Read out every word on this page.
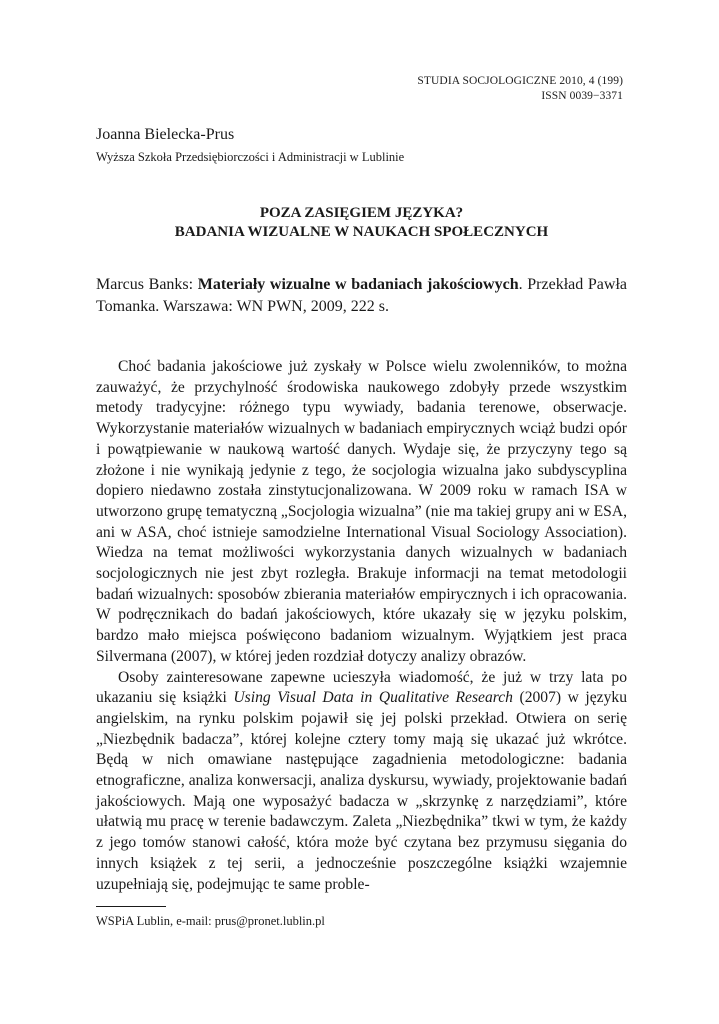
STUDIA SOCJOLOGICZNE 2010, 4 (199)
ISSN 0039−3371
Joanna Bielecka-Prus
Wyższa Szkoła Przedsiębiorczości i Administracji w Lublinie
POZA ZASIĘGIEM JĘZYKA?
BADANIA WIZUALNE W NAUKACH SPOŁECZNYCH
Marcus Banks: Materiały wizualne w badaniach jakościowych. Przekład Pawła Tomanka. Warszawa: WN PWN, 2009, 222 s.

Choć badania jakościowe już zyskały w Polsce wielu zwolenników, to można zauważyć, że przychylność środowiska naukowego zdobyły przede wszystkim metody tradycyjne: różnego typu wywiady, badania terenowe, obserwacje. Wykorzystanie materiałów wizualnych w badaniach empirycznych wciąż budzi opór i powątpiewanie w naukową wartość danych. Wydaje się, że przyczyny tego są złożone i nie wynikają jedynie z tego, że socjologia wizualna jako subdyscyplina dopiero niedawno została zinstytucjonalizowana. W 2009 roku w ramach ISA w utworzono grupę tematyczną „Socjologia wizualna” (nie ma takiej grupy ani w ESA, ani w ASA, choć istnieje samodzielne International Visual Sociology Association). Wiedza na temat możliwości wykorzystania danych wizualnych w badaniach socjologicznych nie jest zbyt rozległa. Brakuje informacji na temat metodologii badań wizualnych: sposobów zbierania materiałów empirycznych i ich opracowania. W podręcznikach do badań jakościowych, które ukazały się w języku polskim, bardzo mało miejsca poświęcono badaniom wizualnym. Wyjątkiem jest praca Silvermana (2007), w której jeden rozdział dotyczy analizy obrazów.

Osoby zainteresowane zapewne ucieszyła wiadomość, że już w trzy lata po ukazaniu się książki Using Visual Data in Qualitative Research (2007) w języku angielskim, na rynku polskim pojawił się jej polski przekład. Otwiera on serię „Niezbędnik badacza”, której kolejne cztery tomy mają się ukazać już wkrótce. Będą w nich omawiane następujące zagadnienia metodologiczne: badania etnograficzne, analiza konwersacji, analiza dyskursu, wywiady, projektowanie badań jakościowych. Mają one wyposażyć badacza w „skrzynkę z narzędziami”, które ułatwią mu pracę w terenie badawczym. Zaleta „Niezbędnika” tkwi w tym, że każdy z jego tomów stanowi całość, która może być czytana bez przymusu sięgania do innych książek z tej serii, a jednocześnie poszczególne książki wzajemnie uzupełniają się, podejmując te same proble-

WSPiA Lublin, e-mail: prus@pronet.lublin.pl
